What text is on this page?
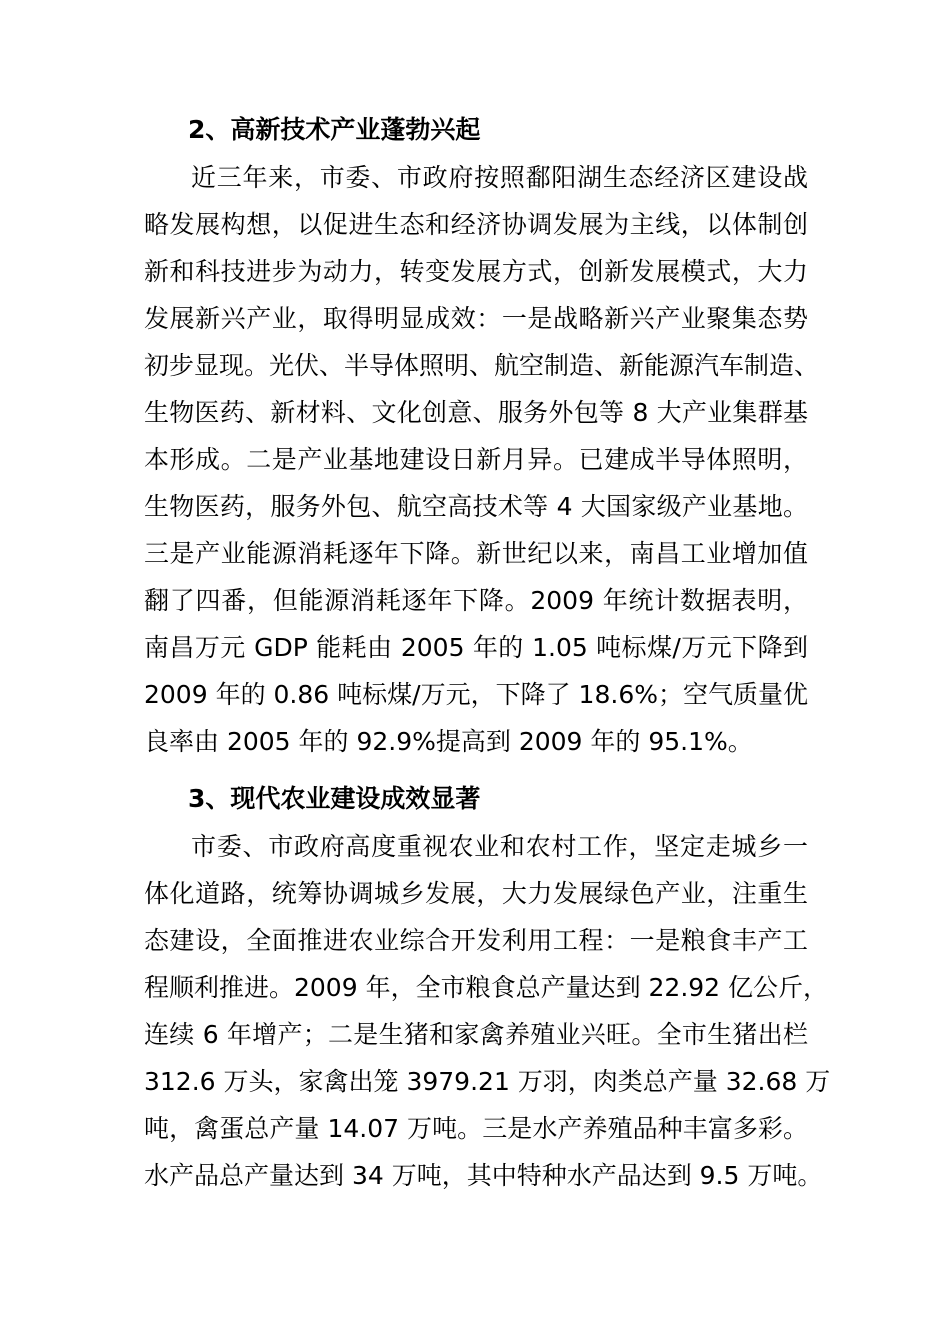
2、高新技术产业蓬勃兴起
近三年来，市委、市政府按照鄱阳湖生态经济区建设战
略发展构想，以促进生态和经济协调发展为主线，以体制创
新和科技进步为动力，转变发展方式，创新发展模式，大力
发展新兴产业，取得明显成效：一是战略新兴产业聚集态势
初步显现。光伏、半导体照明、航空制造、新能源汽车制造、
生物医药、新材料、文化创意、服务外包等 8 大产业集群基
本形成。二是产业基地建设日新月异。已建成半导体照明，
生物医药，服务外包、航空高技术等 4 大国家级产业基地。
三是产业能源消耗逐年下降。新世纪以来，南昌工业增加值
翻了四番，但能源消耗逐年下降。2009 年统计数据表明，
南昌万元 GDP 能耗由 2005 年的 1.05 吨标煤/万元下降到
2009 年的 0.86 吨标煤/万元，下降了 18.6%；空气质量优
良率由 2005 年的 92.9%提高到 2009 年的 95.1%。
3、现代农业建设成效显著
市委、市政府高度重视农业和农村工作，坚定走城乡一
体化道路，统筹协调城乡发展，大力发展绿色产业，注重生
态建设，全面推进农业综合开发利用工程：一是粮食丰产工
程顺利推进。2009 年，全市粮食总产量达到 22.92 亿公斤，
连续 6 年增产；二是生猪和家禽养殖业兴旺。全市生猪出栏
312.6 万头，家禽出笼 3979.21 万羽，肉类总产量 32.68 万
吨，禽蛋总产量 14.07 万吨。三是水产养殖品种丰富多彩。
水产品总产量达到 34 万吨，其中特种水产品达到 9.5 万吨。
